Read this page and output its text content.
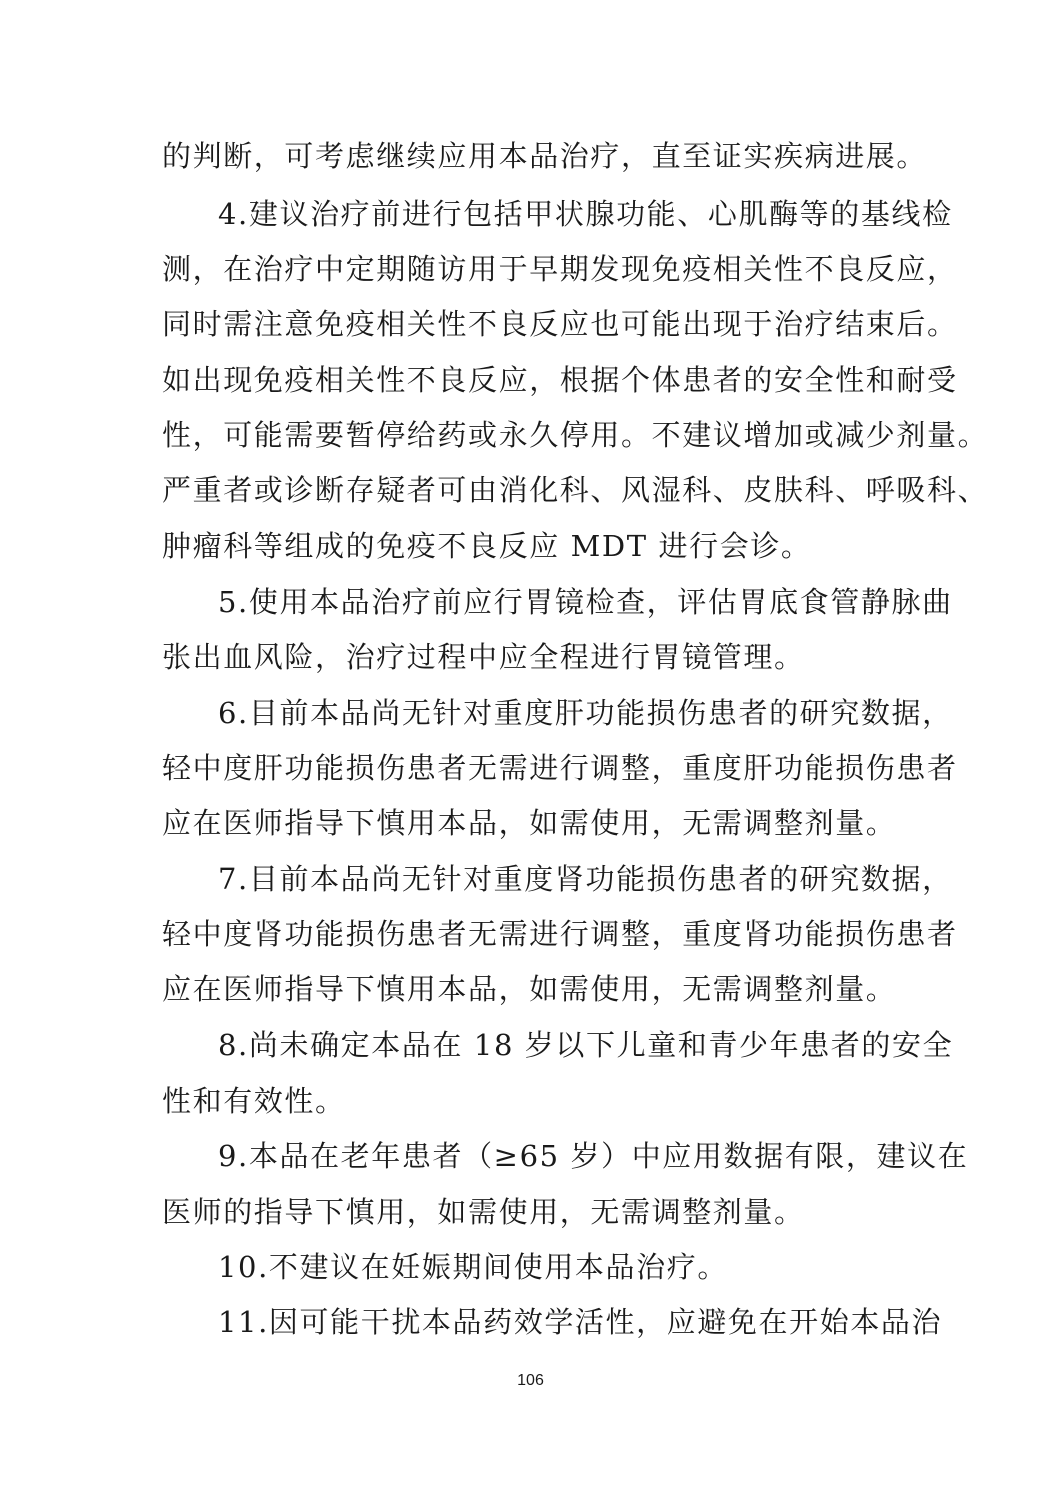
的判断，可考虑继续应用本品治疗，直至证实疾病进展。
4.建议治疗前进行包括甲状腺功能、心肌酶等的基线检
测，在治疗中定期随访用于早期发现免疫相关性不良反应，
同时需注意免疫相关性不良反应也可能出现于治疗结束后。
如出现免疫相关性不良反应，根据个体患者的安全性和耐受
性，可能需要暂停给药或永久停用。不建议增加或减少剂量。
严重者或诊断存疑者可由消化科、风湿科、皮肤科、呼吸科、
肿瘤科等组成的免疫不良反应 MDT 进行会诊。
5.使用本品治疗前应行胃镜检查，评估胃底食管静脉曲
张出血风险，治疗过程中应全程进行胃镜管理。
6.目前本品尚无针对重度肝功能损伤患者的研究数据，
轻中度肝功能损伤患者无需进行调整，重度肝功能损伤患者
应在医师指导下慎用本品，如需使用，无需调整剂量。
7.目前本品尚无针对重度肾功能损伤患者的研究数据，
轻中度肾功能损伤患者无需进行调整，重度肾功能损伤患者
应在医师指导下慎用本品，如需使用，无需调整剂量。
8.尚未确定本品在 18 岁以下儿童和青少年患者的安全
性和有效性。
9.本品在老年患者（≥65 岁）中应用数据有限，建议在
医师的指导下慎用，如需使用，无需调整剂量。
10.不建议在妊娠期间使用本品治疗。
11.因可能干扰本品药效学活性，应避免在开始本品治
106
